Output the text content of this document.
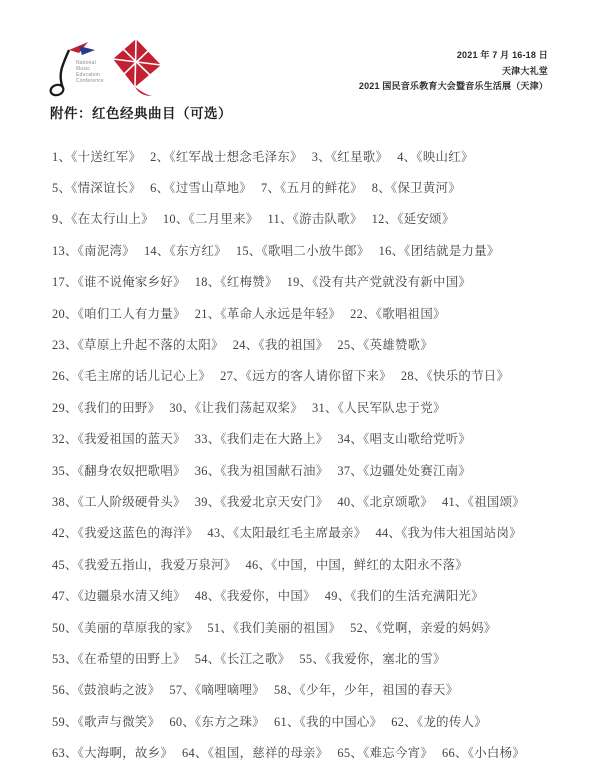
National
Music
Education
Conference
2021 年 7 月 16-18 日
天津大礼堂
2021 国民音乐教育大会暨音乐生活展（天津）
附件：红色经典曲目（可选）
1、《十送红军》 2、《红军战士想念毛泽东》 3、《红星歌》 4、《映山红》
5、《情深谊长》 6、《过雪山草地》 7、《五月的鲜花》 8、《保卫黄河》
9、《在太行山上》 10、《二月里来》 11、《游击队歌》 12、《延安颂》
13、《南泥湾》 14、《东方红》 15、《歌唱二小放牛郎》 16、《团结就是力量》
17、《谁不说俺家乡好》 18、《红梅赞》 19、《没有共产党就没有新中国》
20、《咱们工人有力量》 21、《革命人永远是年轻》 22、《歌唱祖国》
23、《草原上升起不落的太阳》 24、《我的祖国》 25、《英雄赞歌》
26、《毛主席的话儿记心上》 27、《远方的客人请你留下来》 28、《快乐的节日》
29、《我们的田野》 30、《让我们荡起双桨》 31、《人民军队忠于党》
32、《我爱祖国的蓝天》 33、《我们走在大路上》 34、《唱支山歌给党听》
35、《翻身农奴把歌唱》 36、《我为祖国献石油》 37、《边疆处处赛江南》
38、《工人阶级硬骨头》 39、《我爱北京天安门》 40、《北京颂歌》 41、《祖国颂》
42、《我爱这蓝色的海洋》 43、《太阳最红毛主席最亲》 44、《我为伟大祖国站岗》
45、《我爱五指山，我爱万泉河》 46、《中国，中国，鲜红的太阳永不落》
47、《边疆泉水清又纯》 48、《我爱你，中国》 49、《我们的生活充满阳光》
50、《美丽的草原我的家》 51、《我们美丽的祖国》 52、《党啊，亲爱的妈妈》
53、《在希望的田野上》 54、《长江之歌》 55、《我爱你，塞北的雪》
56、《鼓浪屿之波》 57、《嘀哩嘀哩》 58、《少年，少年，祖国的春天》
59、《歌声与微笑》 60、《东方之珠》 61、《我的中国心》 62、《龙的传人》
63、《大海啊，故乡》 64、《祖国，慈祥的母亲》 65、《难忘今宵》 66、《小白杨》
